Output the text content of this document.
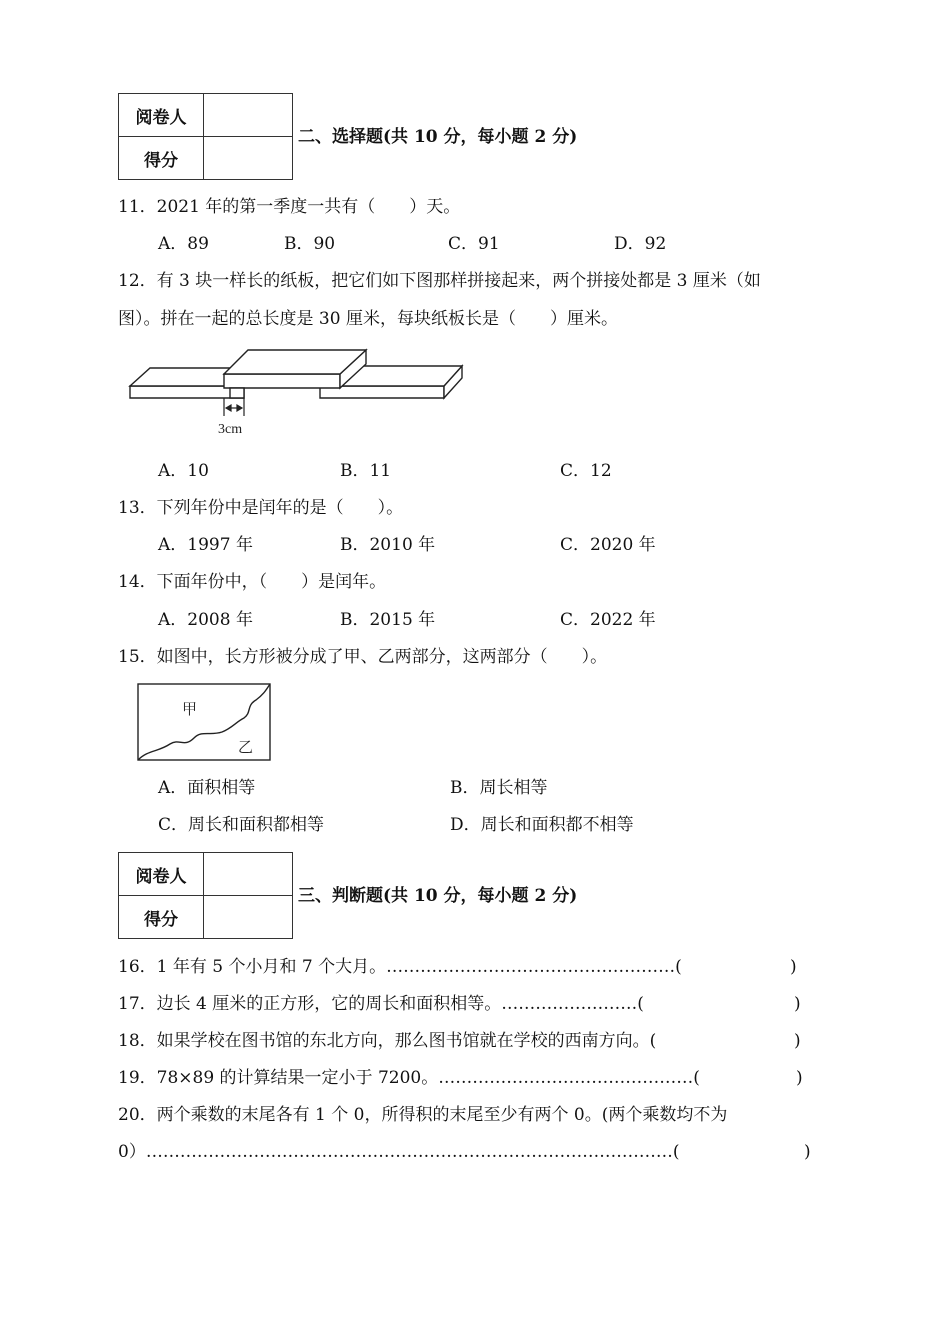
阅卷人	
得分	
二、选择题(共 10 分，每小题 2 分)
11．2021 年的第一季度一共有（　　）天。
A．89	B．90	C．91	D．92
12．有 3 块一样长的纸板，把它们如下图那样拼接起来，两个拼接处都是 3 厘米（如
图）。拼在一起的总长度是 30 厘米，每块纸板长是（　　）厘米。
3cm
A．10	B．11	C．12
13．下列年份中是闰年的是（　　）。
A．1997 年	B．2010 年	C．2020 年
14．下面年份中，（　　）是闰年。
A．2008 年	B．2015 年	C．2022 年
15．如图中，长方形被分成了甲、乙两部分，这两部分（　　）。
甲
乙
A．面积相等	B．周长相等
C．周长和面积都相等	D．周长和面积都不相等
阅卷人	
得分	
三、判断题(共 10 分，每小题 2 分)
16．1 年有 5 个小月和 7 个大月。……………………………………………(	)
17．边长 4 厘米的正方形，它的周长和面积相等。……………………(	)
18．如果学校在图书馆的东北方向，那么图书馆就在学校的西南方向。(	)
19．78×89 的计算结果一定小于 7200。………………………………………(	)
20．两个乘数的末尾各有 1 个 0，所得积的末尾至少有两个 0。(两个乘数均不为
0）…………………………………………………………………………………(	)
